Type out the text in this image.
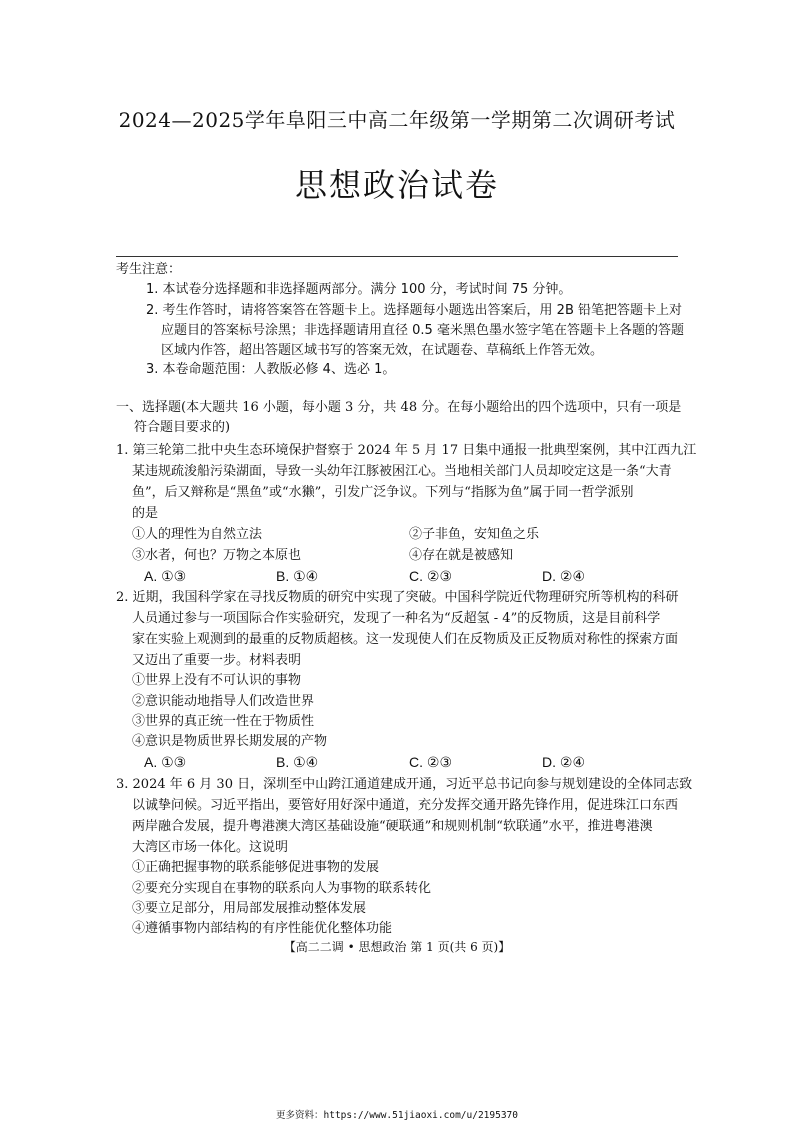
2024—2025学年阜阳三中高二年级第一学期第二次调研考试
思想政治试卷
考生注意：
1. 本试卷分选择题和非选择题两部分。满分 100 分，考试时间 75 分钟。
2. 考生作答时，请将答案答在答题卡上。选择题每小题选出答案后，用 2B 铅笔把答题卡上对
应题目的答案标号涂黑；非选择题请用直径 0.5 毫米黑色墨水签字笔在答题卡上各题的答题
区域内作答，超出答题区域书写的答案无效，在试题卷、草稿纸上作答无效。
3. 本卷命题范围：人教版必修 4、选必 1。
一、选择题(本大题共 16 小题，每小题 3 分，共 48 分。在每小题给出的四个选项中，只有一项是
符合题目要求的)
1. 第三轮第二批中央生态环境保护督察于 2024 年 5 月 17 日集中通报一批典型案例，其中江西九江
某违规疏浚船污染湖面，导致一头幼年江豚被困江心。当地相关部门人员却咬定这是一条“大青
鱼”，后又辩称是“黑鱼”或“水獭”，引发广泛争议。下列与“指豚为鱼”属于同一哲学派别
的是
①人的理性为自然立法	②子非鱼，安知鱼之乐
③水者，何也？万物之本原也	④存在就是被感知
A. ①③	B. ①④	C. ②③	D. ②④
2. 近期，我国科学家在寻找反物质的研究中实现了突破。中国科学院近代物理研究所等机构的科研
人员通过参与一项国际合作实验研究，发现了一种名为“反超氢 - 4”的反物质，这是目前科学
家在实验上观测到的最重的反物质超核。这一发现使人们在反物质及正反物质对称性的探索方面
又迈出了重要一步。材料表明
①世界上没有不可认识的事物
②意识能动地指导人们改造世界
③世界的真正统一性在于物质性
④意识是物质世界长期发展的产物
A. ①③	B. ①④	C. ②③	D. ②④
3. 2024 年 6 月 30 日，深圳至中山跨江通道建成开通，习近平总书记向参与规划建设的全体同志致
以诚挚问候。习近平指出，要管好用好深中通道，充分发挥交通开路先锋作用，促进珠江口东西
两岸融合发展，提升粤港澳大湾区基础设施“硬联通”和规则机制“软联通”水平，推进粤港澳
大湾区市场一体化。这说明
①正确把握事物的联系能够促进事物的发展
②要充分实现自在事物的联系向人为事物的联系转化
③要立足部分，用局部发展推动整体发展
④遵循事物内部结构的有序性能优化整体功能
【高二二调 • 思想政治 第 1 页(共 6 页)】
更多资料：https://www.51jiaoxi.com/u/2195370
